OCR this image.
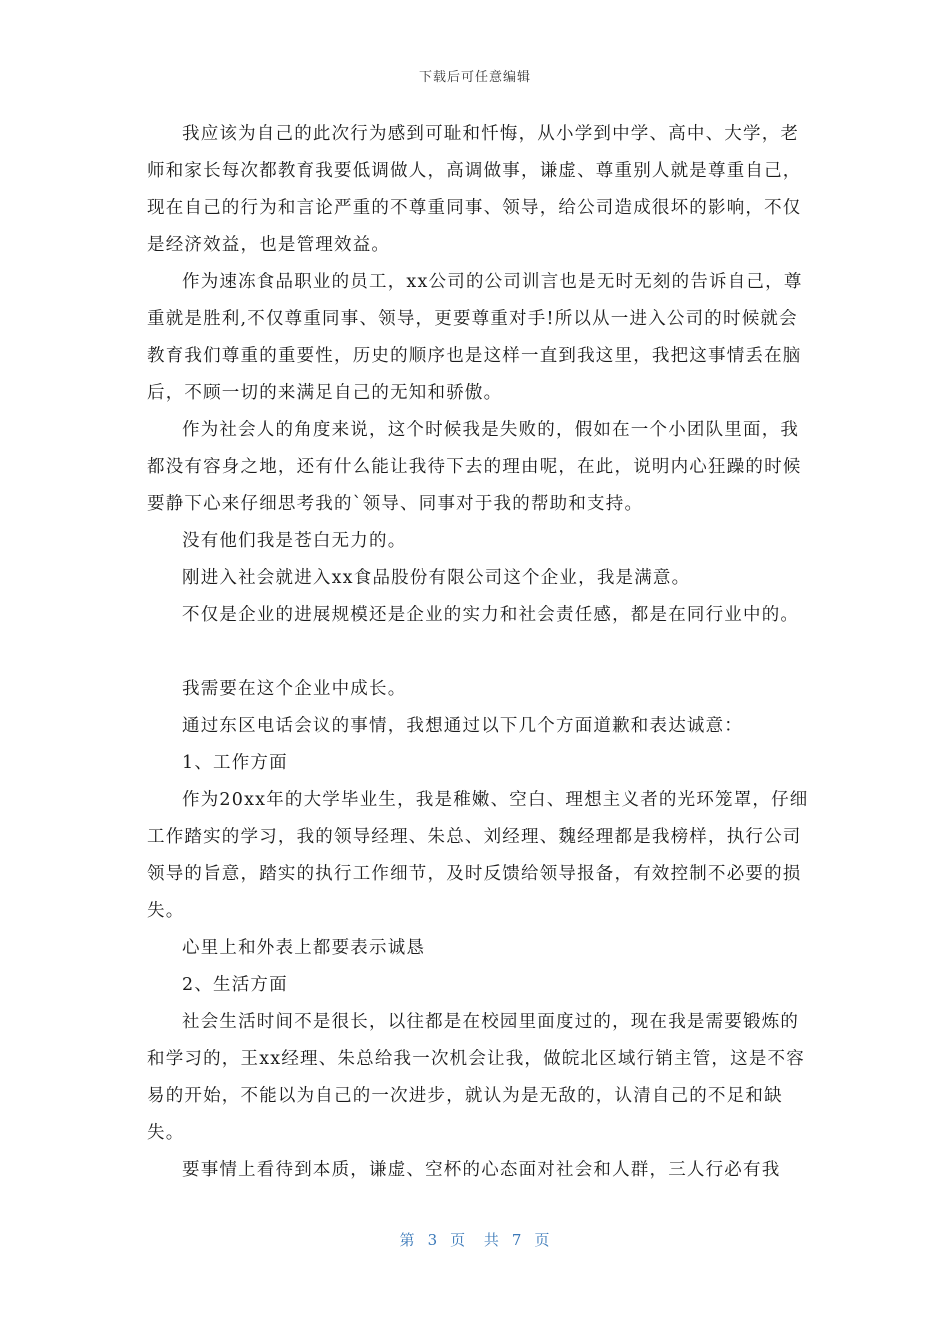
下载后可任意编辑

我应该为自己的此次行为感到可耻和忏悔，从小学到中学、高中、大学，老师和家长每次都教育我要低调做人，高调做事，谦虚、尊重别人就是尊重自己，现在自己的行为和言论严重的不尊重同事、领导，给公司造成很坏的影响，不仅是经济效益，也是管理效益。

作为速冻食品职业的员工，xx公司的公司训言也是无时无刻的告诉自己，尊重就是胜利,不仅尊重同事、领导，更要尊重对手!所以从一进入公司的时候就会教育我们尊重的重要性，历史的顺序也是这样一直到我这里，我把这事情丢在脑后，不顾一切的来满足自己的无知和骄傲。

作为社会人的角度来说，这个时候我是失败的，假如在一个小团队里面，我都没有容身之地，还有什么能让我待下去的理由呢，在此，说明内心狂躁的时候要静下心来仔细思考我的`领导、同事对于我的帮助和支持。

没有他们我是苍白无力的。

刚进入社会就进入xx食品股份有限公司这个企业，我是满意。

不仅是企业的进展规模还是企业的实力和社会责任感，都是在同行业中的。

我需要在这个企业中成长。

通过东区电话会议的事情，我想通过以下几个方面道歉和表达诚意：

1、工作方面

作为20xx年的大学毕业生，我是稚嫩、空白、理想主义者的光环笼罩，仔细工作踏实的学习，我的领导经理、朱总、刘经理、魏经理都是我榜样，执行公司领导的旨意，踏实的执行工作细节，及时反馈给领导报备，有效控制不必要的损失。

心里上和外表上都要表示诚恳

2、生活方面

社会生活时间不是很长，以往都是在校园里面度过的，现在我是需要锻炼的和学习的，王xx经理、朱总给我一次机会让我，做皖北区域行销主管，这是不容易的开始，不能以为自己的一次进步，就认为是无敌的，认清自己的不足和缺失。

要事情上看待到本质，谦虚、空杯的心态面对社会和人群，三人行必有我

第 3 页 共 7 页
